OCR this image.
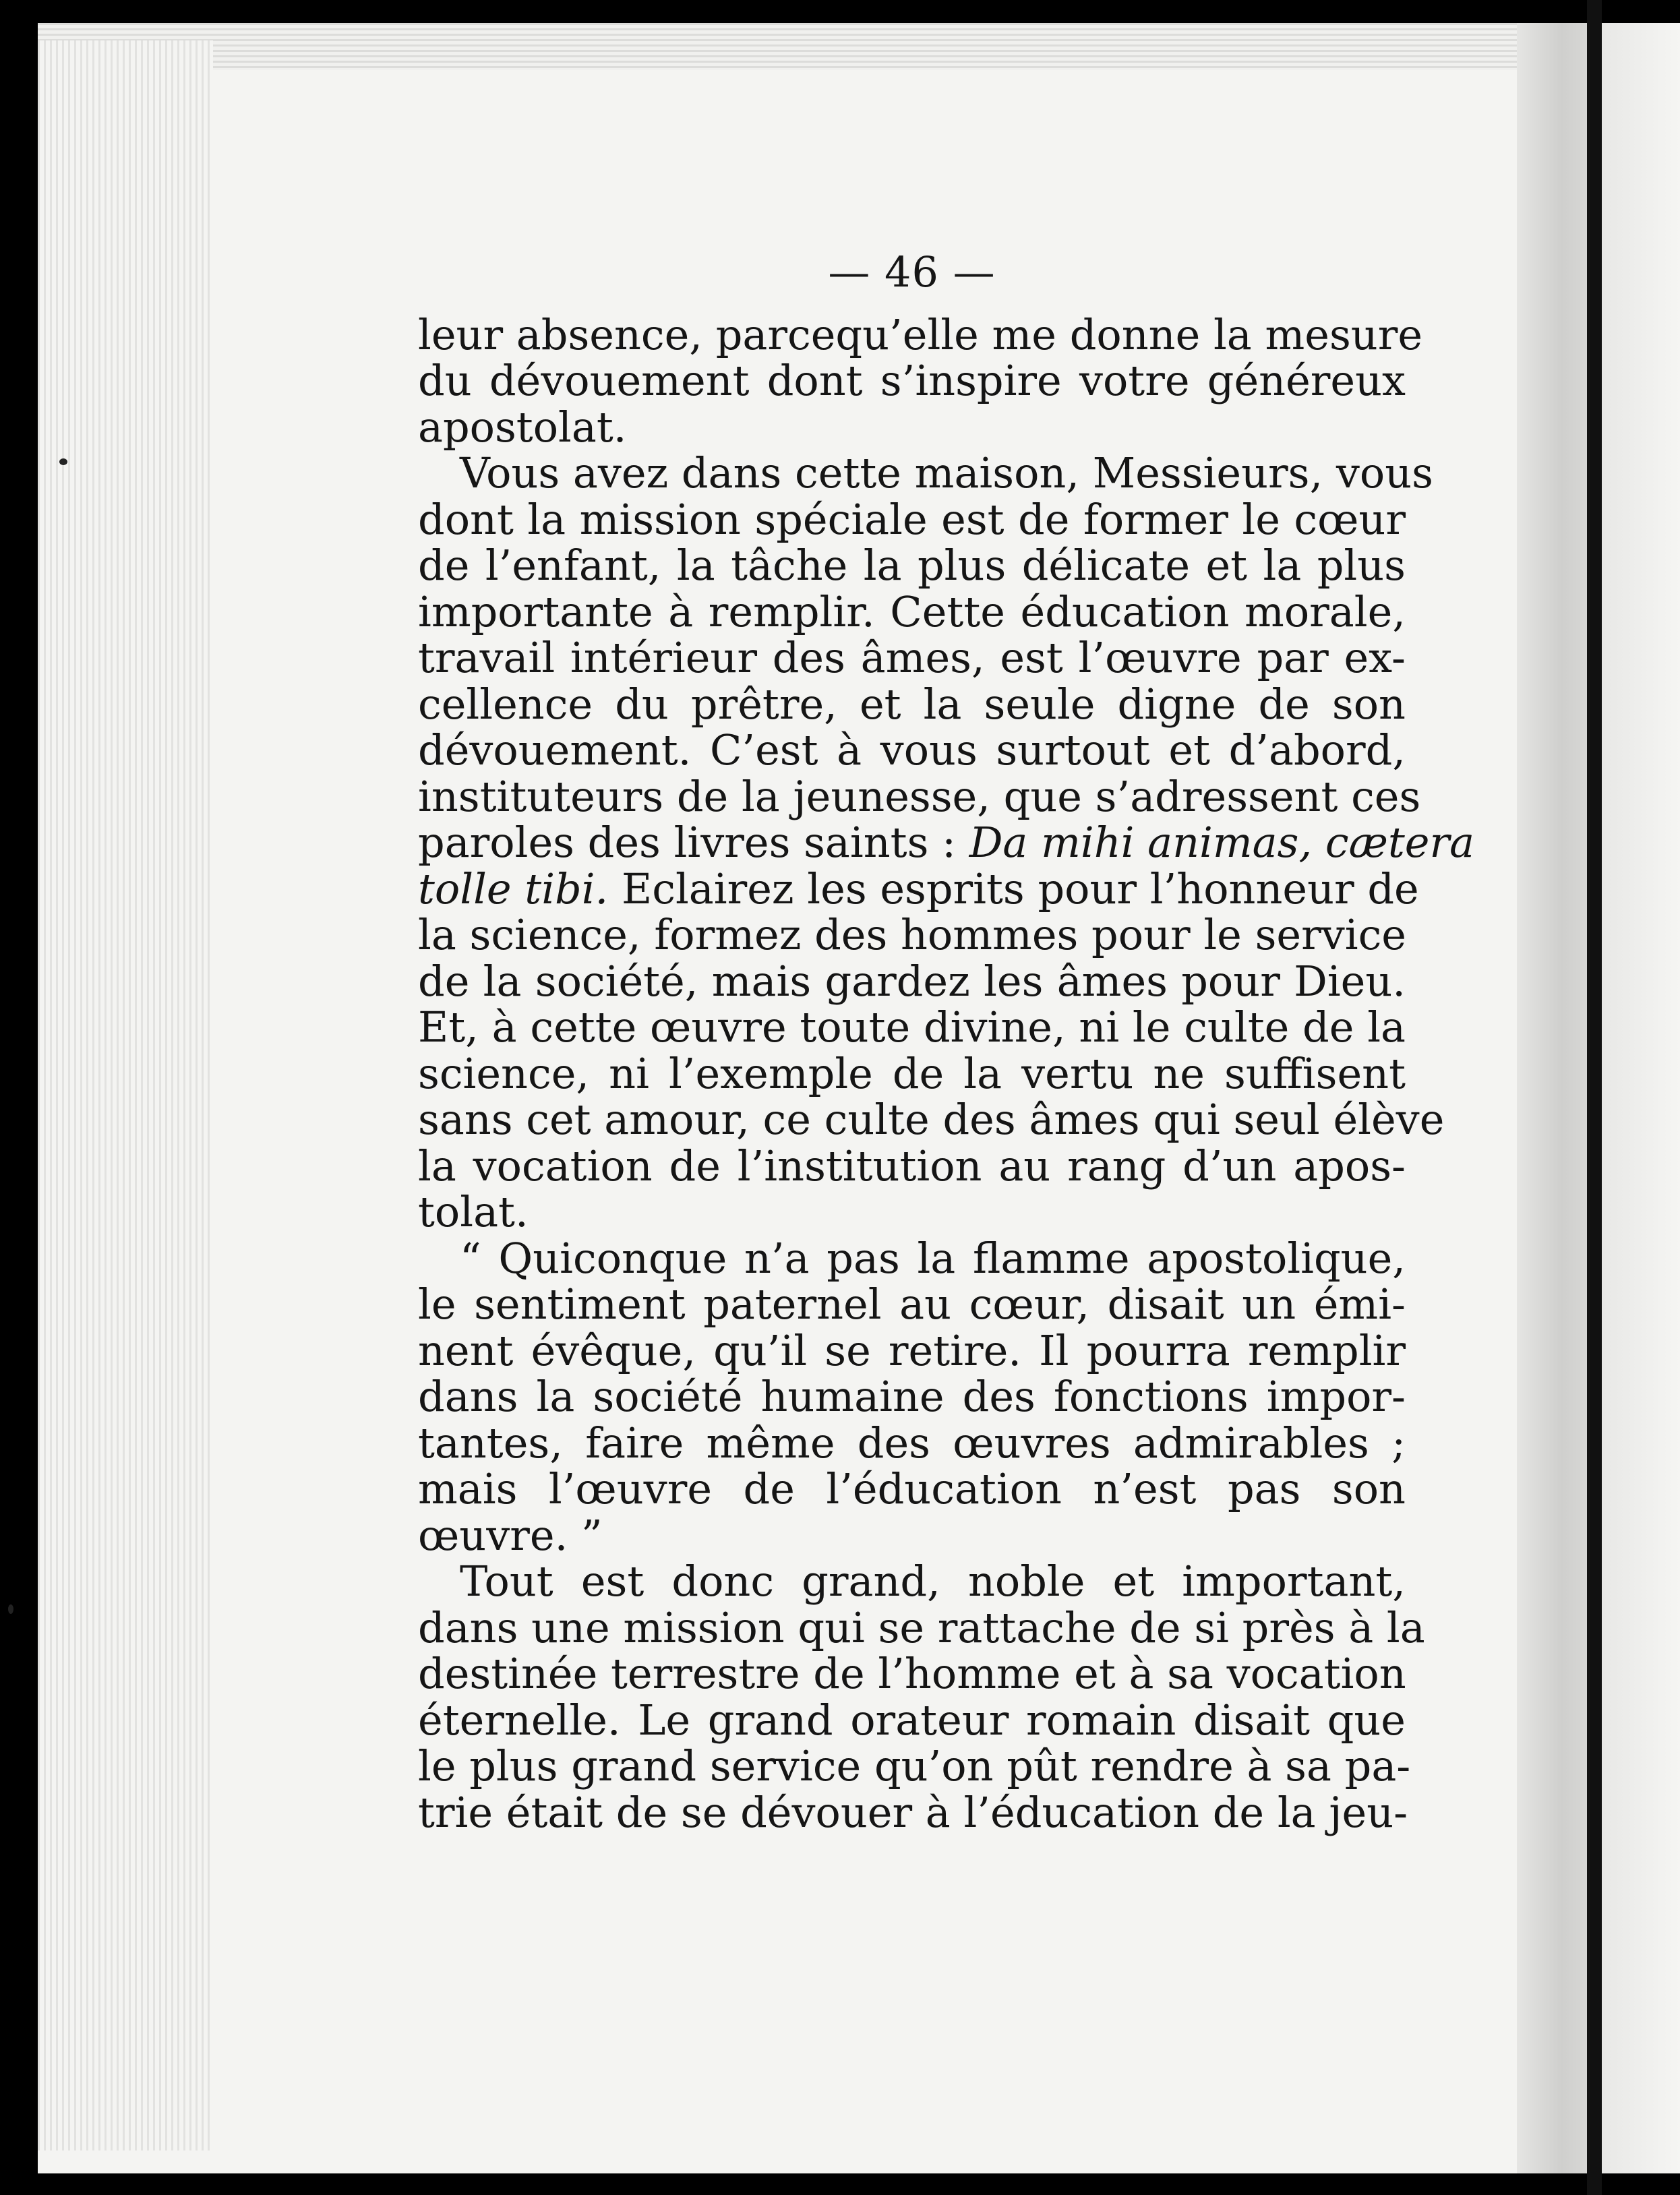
— 46 —
leur absence, parcequ’elle me donne la mesure
du dévouement dont s’inspire votre généreux
apostolat.
Vous avez dans cette maison, Messieurs, vous
dont la mission spéciale est de former le cœur
de l’enfant, la tâche la plus délicate et la plus
importante à remplir. Cette éducation morale,
travail intérieur des âmes, est l’œuvre par ex-
cellence du prêtre, et la seule digne de son
dévouement. C’est à vous surtout et d’abord,
instituteurs de la jeunesse, que s’adressent ces
paroles des livres saints : Da mihi animas, cætera
tolle tibi. Eclairez les esprits pour l’honneur de
la science, formez des hommes pour le service
de la société, mais gardez les âmes pour Dieu.
Et, à cette œuvre toute divine, ni le culte de la
science, ni l’exemple de la vertu ne suffisent
sans cet amour, ce culte des âmes qui seul élève
la vocation de l’institution au rang d’un apos-
tolat.
“ Quiconque n’a pas la flamme apostolique,
le sentiment paternel au cœur, disait un émi-
nent évêque, qu’il se retire. Il pourra remplir
dans la société humaine des fonctions impor-
tantes, faire même des œuvres admirables ;
mais l’œuvre de l’éducation n’est pas son
œuvre. ”
Tout est donc grand, noble et important,
dans une mission qui se rattache de si près à la
destinée terrestre de l’homme et à sa vocation
éternelle. Le grand orateur romain disait que
le plus grand service qu’on pût rendre à sa pa-
trie était de se dévouer à l’éducation de la jeu-
